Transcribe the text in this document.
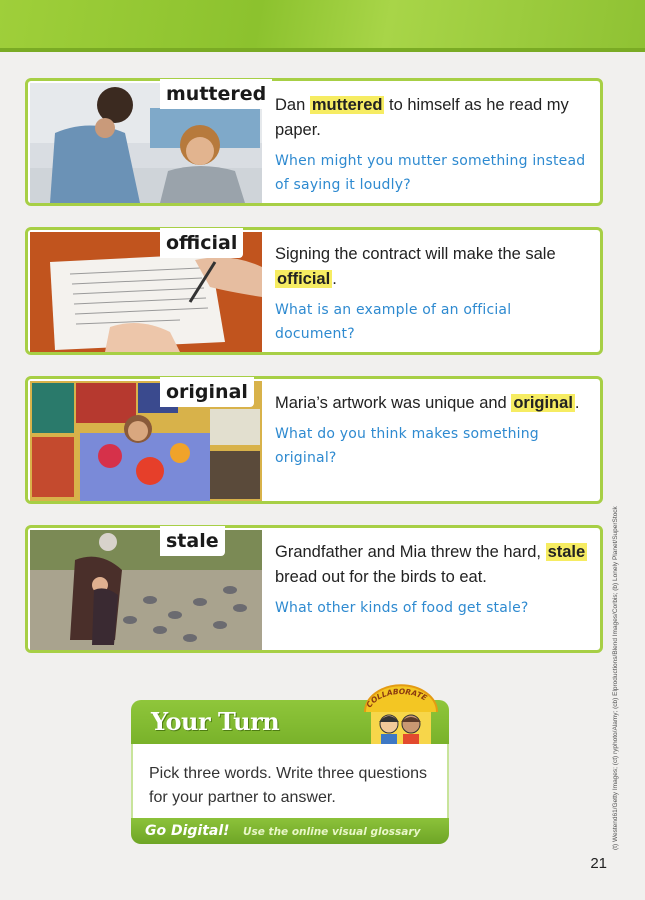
muttered Dan muttered to himself as he read my paper.
When might you mutter something instead of saying it loudly?
official	Signing the contract will make the sale official .
What is an example of an official document?
original	Maria’s artwork was unique and original .
What do you think makes something original?
stale	Grandfather and Mia threw the hard, stale bread out for the birds to eat.
What other kinds of food get stale?
Your Turn
COLLABORATE
Pick three words. Write three questions for your partner to answer.
Go Digital! Use the online visual glossary	(t) Westend61/Getty Images; (ct) ryphoto/Alamy; (cb) Elproductions/Blend Images/Corbis; (b) Lonely Planet/SuperStock
21
